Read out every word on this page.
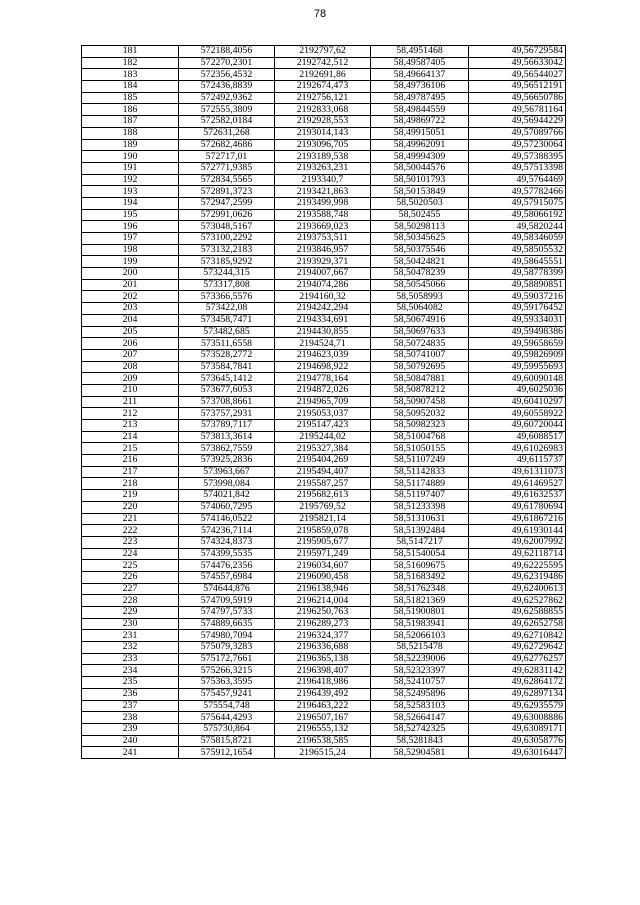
78
181	572188,4056	2192797,62	58,4951468	49,56729584
182	572270,2301	2192742,512	58,49587405	49,56633042
183	572356,4532	2192691,86	58,49664137	49,56544027
184	572436,8839	2192674,473	58,49736106	49,56512191
185	572492,9362	2192756,121	58,49787495	49,56650786
186	572555,3809	2192833,068	58,49844559	49,56781164
187	572582,0184	2192928,553	58,49869722	49,56944229
188	572631,268	2193014,143	58,49915051	49,57089766
189	572682,4686	2193096,705	58,49962091	49,57230064
190	572717,01	2193189,538	58,49994309	49,57388395
191	572771,9385	2193263,231	58,50044576	49,57513398
192	572834,5565	2193340,7	58,50101793	49,5764469
193	572891,3723	2193421,863	58,50153849	49,57782466
194	572947,2599	2193499,998	58,5020503	49,57915075
195	572991,0626	2193588,748	58,502455	49,58066192
196	573048,5167	2193669,023	58,50298113	49,5820244
197	573100,2292	2193753,511	58,50345625	49,58346059
198	573132,2183	2193846,957	58,50375546	49,58505532
199	573185,9292	2193929,371	58,50424821	49,58645551
200	573244,315	2194007,667	58,50478239	49,58778399
201	573317,808	2194074,286	58,50545066	49,58890851
202	573366,5576	2194160,32	58,5058993	49,59037216
203	573422,08	2194242,294	58,5064082	49,59176452
204	573458,7471	2194334,691	58,50674916	49,59334031
205	573482,685	2194430,855	58,50697633	49,59498386
206	573511,6558	2194524,71	58,50724835	49,59658659
207	573528,2772	2194623,039	58,50741007	49,59826909
208	573584,7841	2194698,922	58,50792695	49,59955693
209	573645,1412	2194778,164	58,50847881	49,60090148
210	573677,6053	2194872,026	58,50878212	49,6025036
211	573708,8661	2194965,709	58,50907458	49,60410297
212	573757,2931	2195053,037	58,50952032	49,60558922
213	573789,7117	2195147,423	58,50982323	49,60720044
214	573813,3614	2195244,02	58,51004768	49,6088517
215	573862,7559	2195327,384	58,51050155	49,61026983
216	573925,2836	2195404,269	58,51107249	49,6115737
217	573963,667	2195494,407	58,51142833	49,61311073
218	573998,084	2195587,257	58,51174889	49,61469527
219	574021,842	2195682,613	58,51197407	49,61632537
220	574060,7295	2195769,52	58,51233398	49,61780694
221	574146,0522	2195821,14	58,51310631	49,61867216
222	574236,7114	2195859,078	58,51392484	49,61930144
223	574324,8373	2195905,677	58,5147217	49,62007992
224	574399,5535	2195971,249	58,51540054	49,62118714
225	574476,2356	2196034,607	58,51609675	49,62225595
226	574557,6984	2196090,458	58,51683492	49,62319486
227	574644,876	2196138,946	58,51762348	49,62400613
228	574709,5919	2196214,004	58,51821369	49,62527862
229	574797,5733	2196250,763	58,51900801	49,62588855
230	574889,6635	2196289,273	58,51983941	49,62652758
231	574980,7094	2196324,377	58,52066103	49,62710842
232	575079,3283	2196336,688	58,5215478	49,62729642
233	575172,7661	2196365,138	58,52239006	49,62776257
234	575266,3215	2196398,407	58,52323397	49,62831142
235	575363,3595	2196418,986	58,52410757	49,62864172
236	575457,9241	2196439,492	58,52495896	49,62897134
237	575554,748	2196463,222	58,52583103	49,62935579
238	575644,4293	2196507,167	58,52664147	49,63008886
239	575730,864	2196555,132	58,52742325	49,63089171
240	575815,8721	2196538,585	58,5281843	49,63058776
241	575912,1654	2196515,24	58,52904581	49,63016447
